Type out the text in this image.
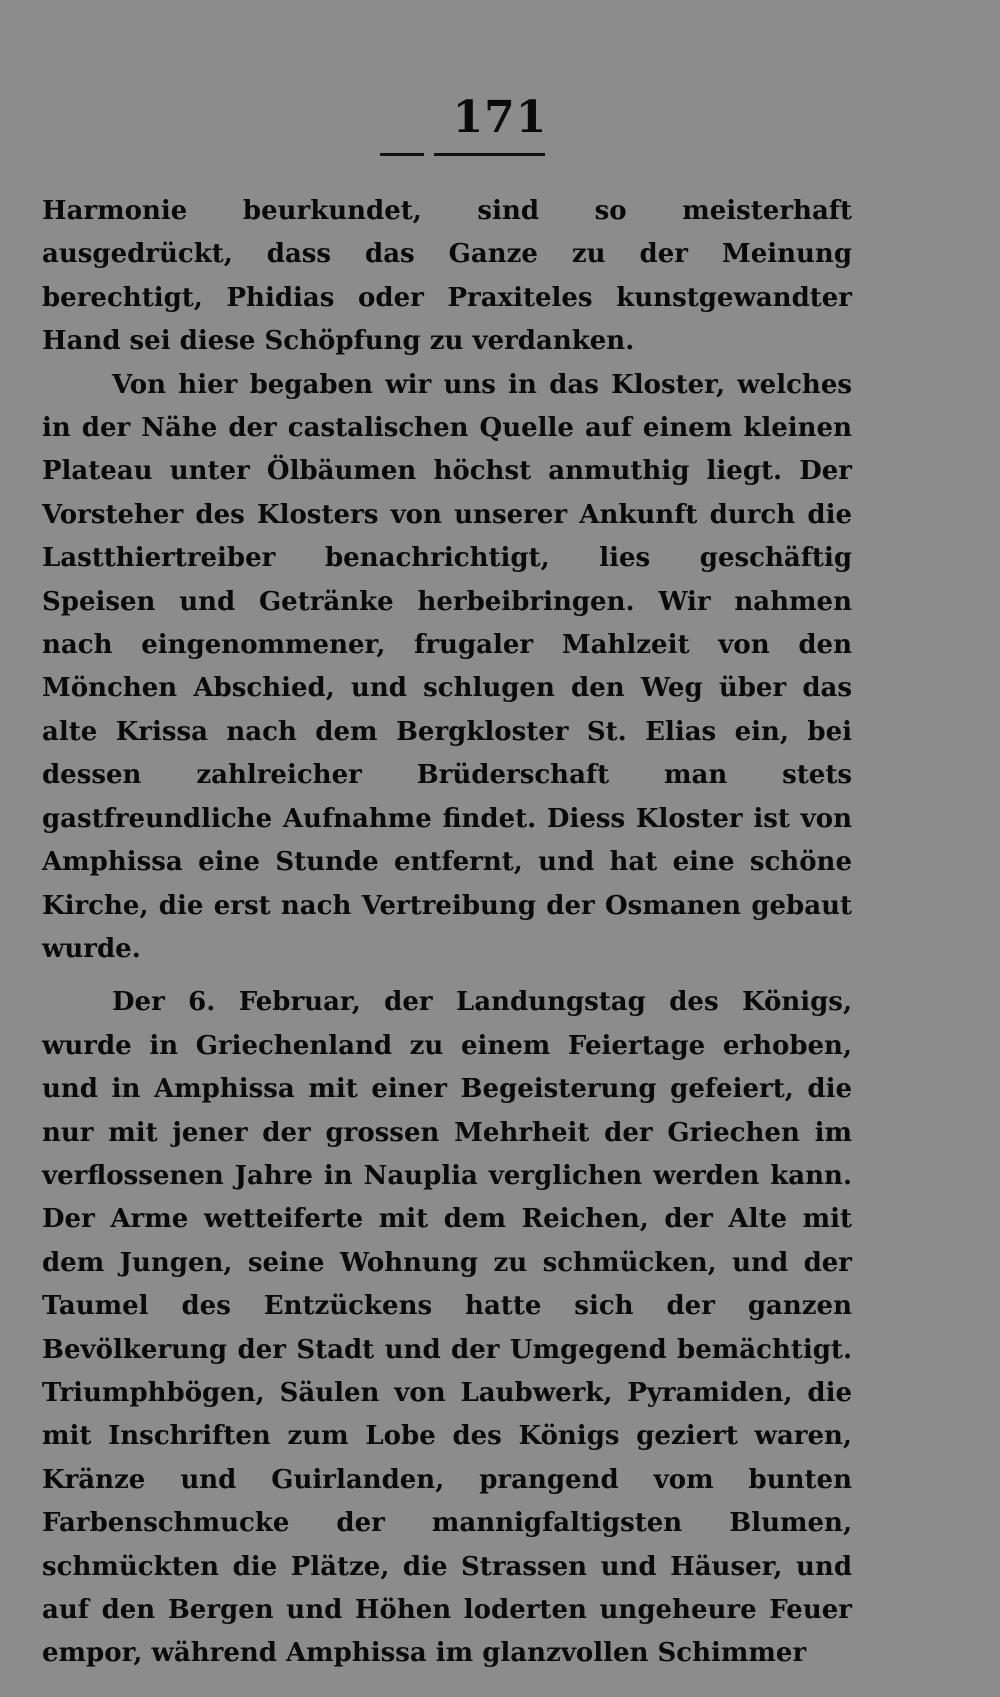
171

Harmonie beurkundet, sind so meisterhaft ausgedrückt, dass das Ganze zu der Meinung berechtigt, Phidias oder Praxiteles kunstgewandter Hand sei diese Schöpfung zu verdanken.

Von hier begaben wir uns in das Kloster, welches in der Nähe der castalischen Quelle auf einem kleinen Plateau unter Ölbäumen höchst anmuthig liegt. Der Vorsteher des Klosters von unserer Ankunft durch die Lastthiertreiber benachrichtigt, lies geschäftig Speisen und Getränke herbeibringen. Wir nahmen nach eingenommener, frugaler Mahlzeit von den Mönchen Abschied, und schlugen den Weg über das alte Krissa nach dem Bergkloster St. Elias ein, bei dessen zahlreicher Brüderschaft man stets gastfreundliche Aufnahme findet. Diess Kloster ist von Amphissa eine Stunde entfernt, und hat eine schöne Kirche, die erst nach Vertreibung der Osmanen gebaut wurde.

Der 6. Februar, der Landungstag des Königs, wurde in Griechenland zu einem Feiertage erhoben, und in Amphissa mit einer Begeisterung gefeiert, die nur mit jener der grossen Mehrheit der Griechen im verflossenen Jahre in Nauplia verglichen werden kann. Der Arme wetteiferte mit dem Reichen, der Alte mit dem Jungen, seine Wohnung zu schmücken, und der Taumel des Entzückens hatte sich der ganzen Bevölkerung der Stadt und der Umgegend bemächtigt. Triumphbögen, Säulen von Laubwerk, Pyramiden, die mit Inschriften zum Lobe des Königs geziert waren, Kränze und Guirlanden, prangend vom bunten Farbenschmucke der mannigfaltigsten Blumen, schmückten die Plätze, die Strassen und Häuser, und auf den Bergen und Höhen loderten ungeheure Feuer empor, während Amphissa im glanzvollen Schimmer
